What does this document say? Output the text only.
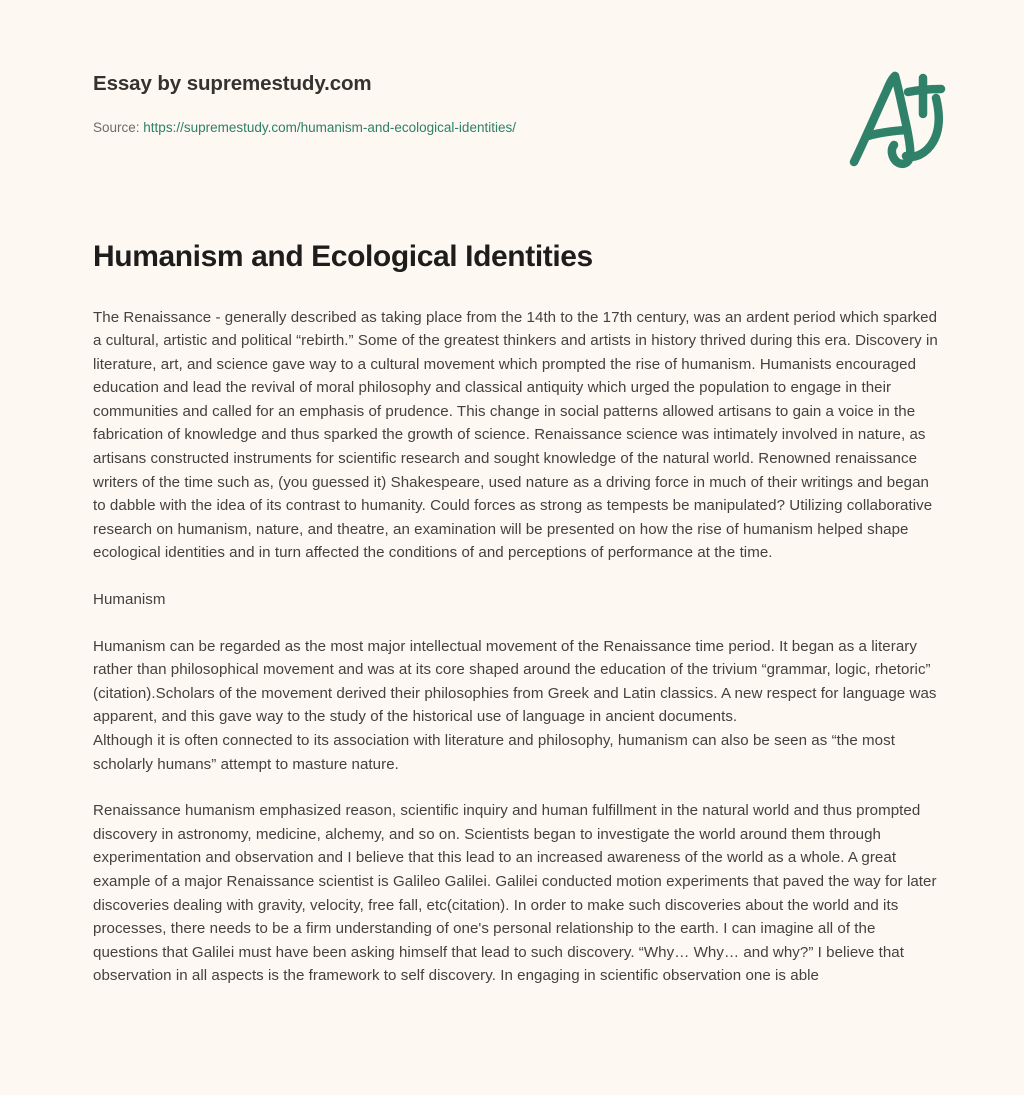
Essay by supremestudy.com
Source: https://supremestudy.com/humanism-and-ecological-identities/
Humanism and Ecological Identities

The Renaissance - generally described as taking place from the 14th to the 17th century, was an ardent period which sparked a cultural, artistic and political “rebirth.” Some of the greatest thinkers and artists in history thrived during this era. Discovery in literature, art, and science gave way to a cultural movement which prompted the rise of humanism. Humanists encouraged education and lead the revival of moral philosophy and classical antiquity which urged the population to engage in their communities and called for an emphasis of prudence. This change in social patterns allowed artisans to gain a voice in the fabrication of knowledge and thus sparked the growth of science. Renaissance science was intimately involved in nature, as artisans constructed instruments for scientific research and sought knowledge of the natural world. Renowned renaissance writers of the time such as, (you guessed it) Shakespeare, used nature as a driving force in much of their writings and began to dabble with the idea of its contrast to humanity. Could forces as strong as tempests be manipulated? Utilizing collaborative research on humanism, nature, and theatre, an examination will be presented on how the rise of humanism helped shape ecological identities and in turn affected the conditions of and perceptions of performance at the time.

Humanism

Humanism can be regarded as the most major intellectual movement of the Renaissance time period. It began as a literary rather than philosophical movement and was at its core shaped around the education of the trivium “grammar, logic, rhetoric” (citation).Scholars of the movement derived their philosophies from Greek and Latin classics. A new respect for language was apparent, and this gave way to the study of the historical use of language in ancient documents.
Although it is often connected to its association with literature and philosophy, humanism can also be seen as “the most scholarly humans” attempt to masture nature.

Renaissance humanism emphasized reason, scientific inquiry and human fulfillment in the natural world and thus prompted discovery in astronomy, medicine, alchemy, and so on. Scientists began to investigate the world around them through experimentation and observation and I believe that this lead to an increased awareness of the world as a whole. A great example of a major Renaissance scientist is Galileo Galilei. Galilei conducted motion experiments that paved the way for later discoveries dealing with gravity, velocity, free fall, etc(citation). In order to make such discoveries about the world and its processes, there needs to be a firm understanding of one's personal relationship to the earth. I can imagine all of the questions that Galilei must have been asking himself that lead to such discovery. “Why… Why… and why?” I believe that observation in all aspects is the framework to self discovery. In engaging in scientific observation one is able
